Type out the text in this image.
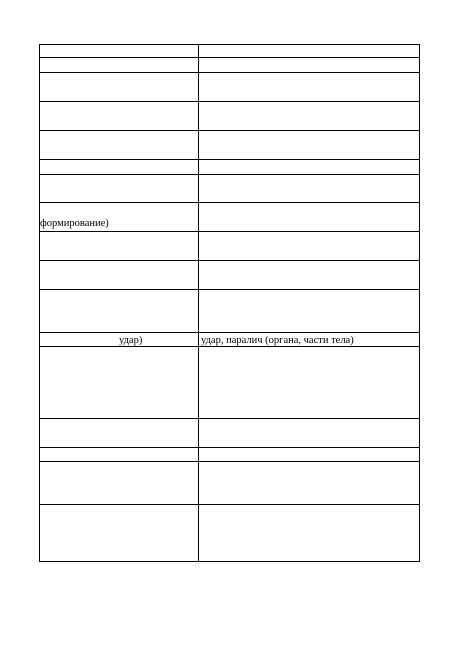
формирование)
удар)	удар, паралич (органа, части тела)
